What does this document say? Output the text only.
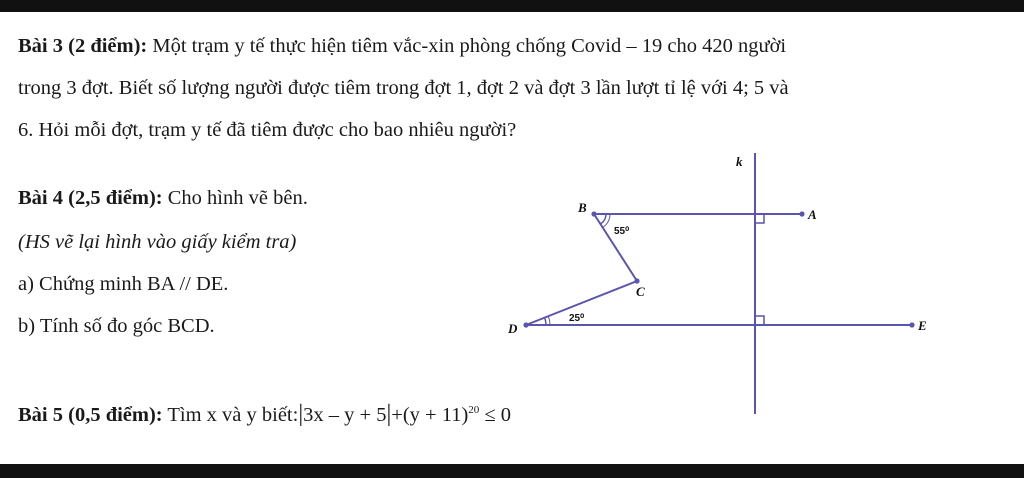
Bài 3 (2 điểm): Một trạm y tế thực hiện tiêm vắc-xin phòng chống Covid – 19 cho 420 người
trong 3 đợt. Biết số lượng người được tiêm trong đợt 1, đợt 2 và đợt 3 lần lượt tỉ lệ với 4; 5 và
6. Hỏi mỗi đợt, trạm y tế đã tiêm được cho bao nhiêu người?
Bài 4 (2,5 điểm): Cho hình vẽ bên.
(HS vẽ lại hình vào giấy kiểm tra)
a) Chứng minh BA // DE.
b) Tính số đo góc BCD.
Bài 5 (0,5 điểm): Tìm x và y biết:|3x – $y + 5|+(y + 11)^{20} \le 0$
k
B	A
C
D	E
55⁰
25⁰
